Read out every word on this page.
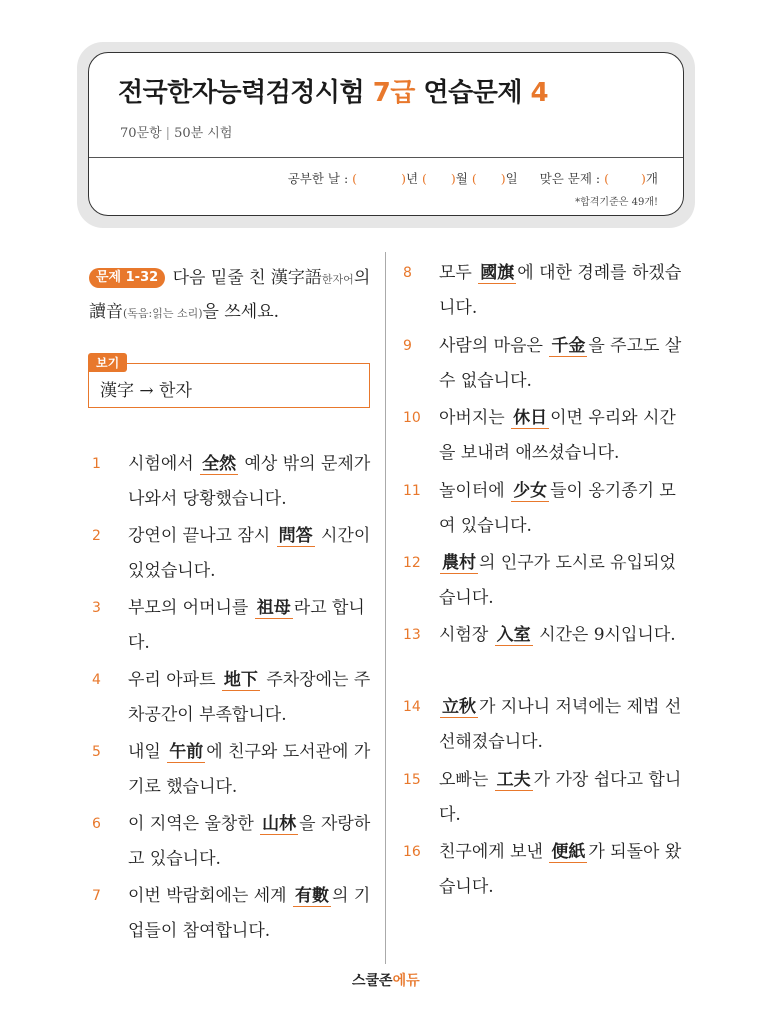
전국한자능력검정시험 7급 연습문제 4
70문항 | 50분 시험
공부한 날 : (	)년 ( )월 ( )일 맞은 문제 : (	)개
*합격기준은 49개!
문제 1-32 다음 밑줄 친 漢字語한자어의 讀音(독음:읽는 소리)을 쓰세요.
보기
漢字 → 한자
1 시험에서 全然 예상 밖의 문제가 나와서 당황했습니다.
2 강연이 끝나고 잠시 問答 시간이 있었습니다.
3 부모의 어머니를 祖母 라고 합니다.
4 우리 아파트 地下 주차장에는 주차공간이 부족합니다.
5 내일 午前 에 친구와 도서관에 가기로 했습니다.
6 이 지역은 울창한 山林 을 자랑하고 있습니다.
7 이번 박람회에는 세계 有數 의 기업들이 참여합니다.
8 모두 國旗 에 대한 경례를 하겠습니다.
9 사람의 마음은 千金 을 주고도 살 수 없습니다.
10 아버지는 休日 이면 우리와 시간을 보내려 애쓰셨습니다.
11 놀이터에 少女 들이 옹기종기 모여 있습니다.
12 農村 의 인구가 도시로 유입되었습니다.
13 시험장 入室 시간은 9시입니다.
14 立秋 가 지나니 저녁에는 제법 선선해졌습니다.
15 오빠는 工夫 가 가장 쉽다고 합니다.
16 친구에게 보낸 便紙 가 되돌아 왔습니다.
스쿨존에듀
